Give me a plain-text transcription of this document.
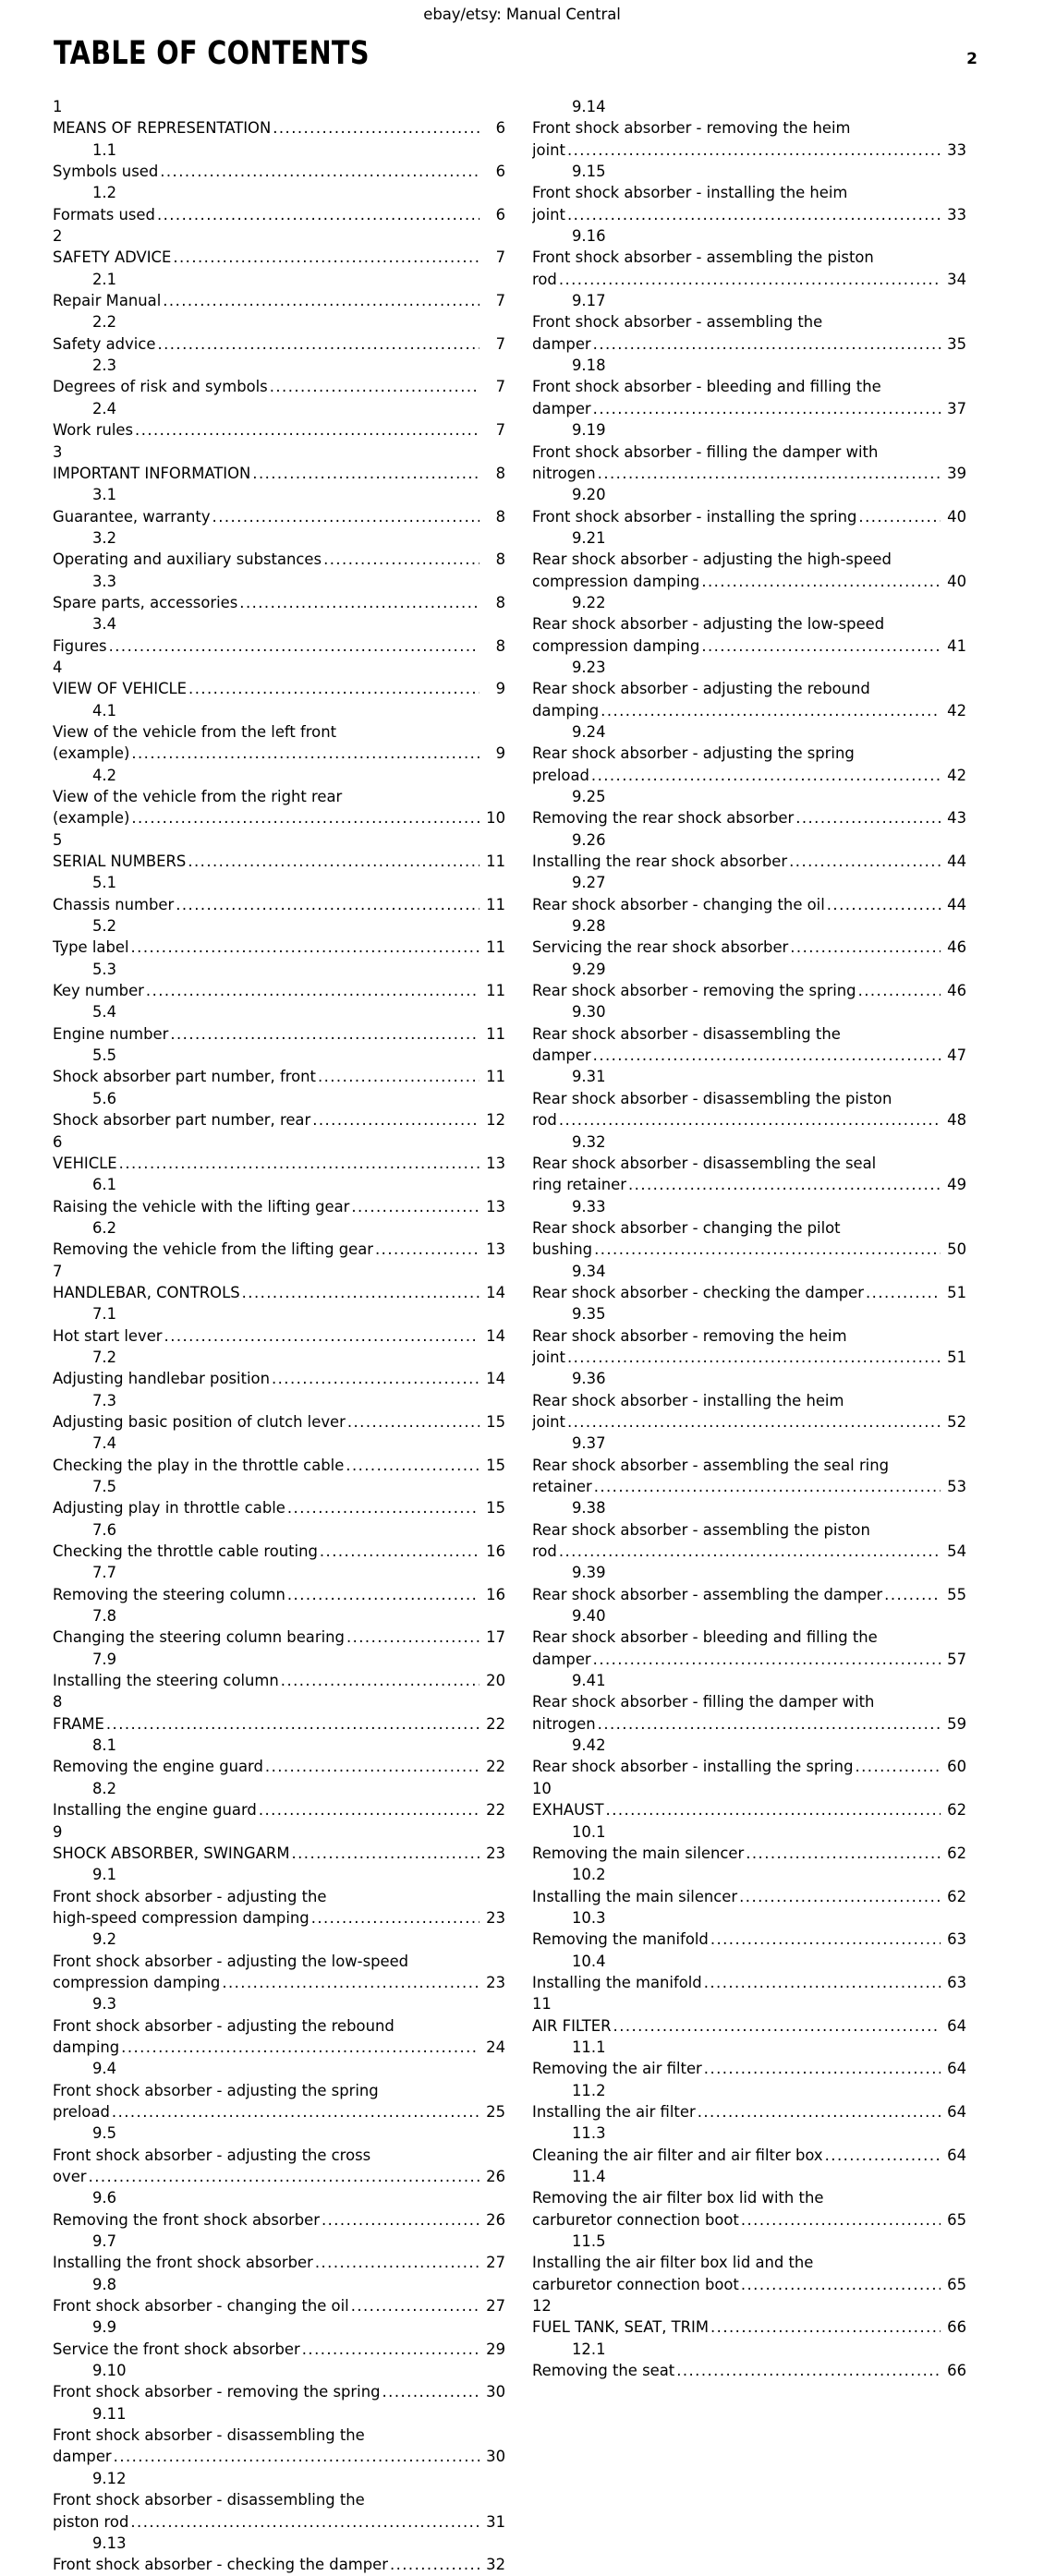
ebay/etsy: Manual Central
TABLE OF CONTENTS	2
1
MEANS OF REPRESENTATION .....	6
1.1
Symbols used .....	6
1.2
Formats used .....	6
2
SAFETY ADVICE .....	7
2.1
Repair Manual .....	7
2.2
Safety advice .....	7
2.3
Degrees of risk and symbols .....	7
2.4
Work rules .....	7
3
IMPORTANT INFORMATION .....	8
3.1
Guarantee, warranty .....	8
3.2
Operating and auxiliary substances .....	8
3.3
Spare parts, accessories .....	8
3.4
Figures .....	8
4
VIEW OF VEHICLE .....	9
4.1
View of the vehicle from the left front
(example) .....	9
4.2
View of the vehicle from the right rear
(example) .....	10
5
SERIAL NUMBERS .....	11
5.1
Chassis number .....	11
5.2
Type label .....	11
5.3
Key number .....	11
5.4
Engine number .....	11
5.5
Shock absorber part number, front .....	11
5.6
Shock absorber part number, rear .....	12
6
VEHICLE .....	13
6.1
Raising the vehicle with the lifting gear .....	13
6.2
Removing the vehicle from the lifting gear .....	13
7
HANDLEBAR, CONTROLS .....	14
7.1
Hot start lever .....	14
7.2
Adjusting handlebar position .....	14
7.3
Adjusting basic position of clutch lever .....	15
7.4
Checking the play in the throttle cable .....	15
7.5
Adjusting play in throttle cable .....	15
7.6
Checking the throttle cable routing .....	16
7.7
Removing the steering column .....	16
7.8
Changing the steering column bearing .....	17
7.9
Installing the steering column .....	20
8
FRAME .....	22
8.1
Removing the engine guard .....	22
8.2
Installing the engine guard .....	22
9
SHOCK ABSORBER, SWINGARM .....	23
9.1
Front shock absorber - adjusting the
high-speed compression damping .....	23
9.2
Front shock absorber - adjusting the low-speed
compression damping .....	23
9.3
Front shock absorber - adjusting the rebound
damping .....	24
9.4
Front shock absorber - adjusting the spring
preload .....	25
9.5
Front shock absorber - adjusting the cross
over .....	26
9.6
Removing the front shock absorber .....	26
9.7
Installing the front shock absorber .....	27
9.8
Front shock absorber - changing the oil .....	27
9.9
Service the front shock absorber .....	29
9.10
Front shock absorber - removing the spring .....	30
9.11
Front shock absorber - disassembling the
damper .....	30
9.12
Front shock absorber - disassembling the
piston rod .....	31
9.13
Front shock absorber - checking the damper .....	32
9.14
Front shock absorber - removing the heim
joint .....	33
9.15
Front shock absorber - installing the heim
joint .....	33
9.16
Front shock absorber - assembling the piston
rod .....	34
9.17
Front shock absorber - assembling the
damper .....	35
9.18
Front shock absorber - bleeding and filling the
damper .....	37
9.19
Front shock absorber - filling the damper with
nitrogen .....	39
9.20
Front shock absorber - installing the spring .....	40
9.21
Rear shock absorber - adjusting the high-speed
compression damping .....	40
9.22
Rear shock absorber - adjusting the low-speed
compression damping .....	41
9.23
Rear shock absorber - adjusting the rebound
damping .....	42
9.24
Rear shock absorber - adjusting the spring
preload .....	42
9.25
Removing the rear shock absorber .....	43
9.26
Installing the rear shock absorber .....	44
9.27
Rear shock absorber - changing the oil .....	44
9.28
Servicing the rear shock absorber .....	46
9.29
Rear shock absorber - removing the spring .....	46
9.30
Rear shock absorber - disassembling the
damper .....	47
9.31
Rear shock absorber - disassembling the piston
rod .....	48
9.32
Rear shock absorber - disassembling the seal
ring retainer .....	49
9.33
Rear shock absorber - changing the pilot
bushing .....	50
9.34
Rear shock absorber - checking the damper .....	51
9.35
Rear shock absorber - removing the heim
joint .....	51
9.36
Rear shock absorber - installing the heim
joint .....	52
9.37
Rear shock absorber - assembling the seal ring
retainer .....	53
9.38
Rear shock absorber - assembling the piston
rod .....	54
9.39
Rear shock absorber - assembling the damper .....	55
9.40
Rear shock absorber - bleeding and filling the
damper .....	57
9.41
Rear shock absorber - filling the damper with
nitrogen .....	59
9.42
Rear shock absorber - installing the spring .....	60
10
EXHAUST .....	62
10.1
Removing the main silencer .....	62
10.2
Installing the main silencer .....	62
10.3
Removing the manifold .....	63
10.4
Installing the manifold .....	63
11
AIR FILTER .....	64
11.1
Removing the air filter .....	64
11.2
Installing the air filter .....	64
11.3
Cleaning the air filter and air filter box .....	64
11.4
Removing the air filter box lid with the
carburetor connection boot .....	65
11.5
Installing the air filter box lid and the
carburetor connection boot .....	65
12
FUEL TANK, SEAT, TRIM .....	66
12.1
Removing the seat .....	66
